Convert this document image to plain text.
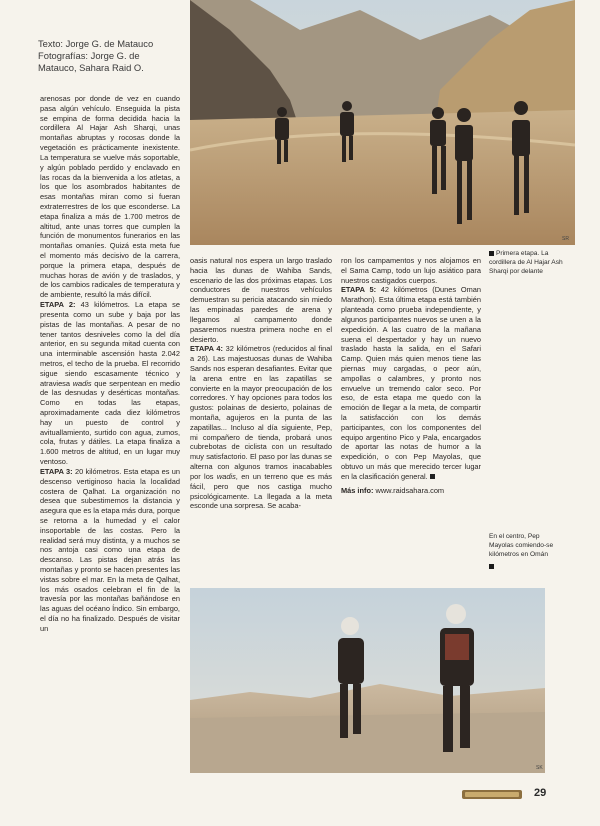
Texto: Jorge G. de Matauco
Fotografías: Jorge G. de
Matauco, Sahara Raid O.
SR
SK

arenosas por donde de vez en cuando pasa algún vehículo. Enseguida la pista se empina de forma decidida hacia la cordillera Al Hajar Ash Sharqi, unas montañas abruptas y rocosas donde la vegetación es prácticamente inexistente. La temperatura se vuelve más soportable, y algún poblado perdido y enclavado en las rocas da la bienvenida a los atletas, a los que los asombrados habitantes de esas montañas miran como si fueran extraterrestres de los que esconderse. La etapa finaliza a más de 1.700 metros de altitud, ante unas torres que cumplen la función de monumentos funerarios en las montañas omaníes. Quizá esta meta fue el momento más decisivo de la carrera, porque la primera etapa, después de muchas horas de avión y de traslados, y de los cambios radicales de temperatura y de ambiente, resultó la más difícil.

ETAPA 2: 43 kilómetros. La etapa se presenta como un sube y baja por las pistas de las montañas. A pesar de no tener tantos desniveles como la del día anterior, en su segunda mitad cuenta con una interminable ascensión hasta 2.042 metros, el techo de la prueba. El recorrido sigue siendo escasamente técnico y atraviesa wadis que serpentean en medio de las desnudas y desérticas montañas. Como en todas las etapas, aproximadamente cada diez kilómetros hay un puesto de control y avituallamiento, surtido con agua, zumos, cola, frutas y dátiles. La etapa finaliza a 1.600 metros de altitud, en un lugar muy ventoso.

ETAPA 3: 20 kilómetros. Esta etapa es un descenso vertiginoso hacia la localidad costera de Qalhat. La organización no desea que subestimemos la distancia y asegura que es la etapa más dura, porque se retorna a la humedad y el calor insoportable de las costas. Pero la realidad será muy distinta, y a muchos se nos antoja casi como una etapa de descanso. Las pistas dejan atrás las montañas y pronto se hacen presentes las vistas sobre el mar. En la meta de Qalhat, los más osados celebran el fin de la travesía por las montañas bañándose en las aguas del océano Índico. Sin embargo, el día no ha finalizado. Después de visitar un

oasis natural nos espera un largo traslado hacia las dunas de Wahiba Sands, escenario de las dos próximas etapas. Los conductores de nuestros vehículos demuestran su pericia atacando sin miedo las empinadas paredes de arena y llegamos al campamento donde pasaremos nuestra primera noche en el desierto.

ETAPA 4: 32 kilómetros (reducidos al final a 26). Las majestuosas dunas de Wahiba Sands nos esperan desafiantes. Evitar que la arena entre en las zapatillas se convierte en la mayor preocupación de los corredores. Y hay opciones para todos los gustos: polainas de desierto, polainas de montaña, agujeros en la punta de las zapatillas... Incluso al día siguiente, Pep, mi compañero de tienda, probará unos cubrebotas de ciclista con un resultado muy satisfactorio. El paso por las dunas se alterna con algunos tramos inacabables por los wadis, en un terreno que es más fácil, pero que nos castiga mucho psicológicamente. La llegada a la meta esconde una sorpresa. Se acaba-

ron los campamentos y nos alojamos en el Sama Camp, todo un lujo asiático para nuestros castigados cuerpos.

ETAPA 5: 42 kilómetros (Dunes Oman Marathon). Esta última etapa está también planteada como prueba independiente, y algunos participantes nuevos se unen a la expedición. A las cuatro de la mañana suena el despertador y hay un nuevo traslado hasta la salida, en el Safari Camp. Quien más quien menos tiene las piernas muy cargadas, o peor aún, ampollas o calambres, y pronto nos envuelve un tremendo calor seco. Por eso, de esta etapa me quedo con la emoción de llegar a la meta, de compartir la satisfacción con los demás participantes, con los componentes del equipo argentino Pico y Pala, encargados de aportar las notas de humor a la expedición, o con Pep Mayolas, que obtuvo un más que merecido tercer lugar en la clasificación general.

Más info: www.raidsahara.com

Primera etapa. La cordillera de Al Hajar Ash Sharqi por delante
En el centro, Pep Mayolas comiendo-se kilómetros en Omán
29
